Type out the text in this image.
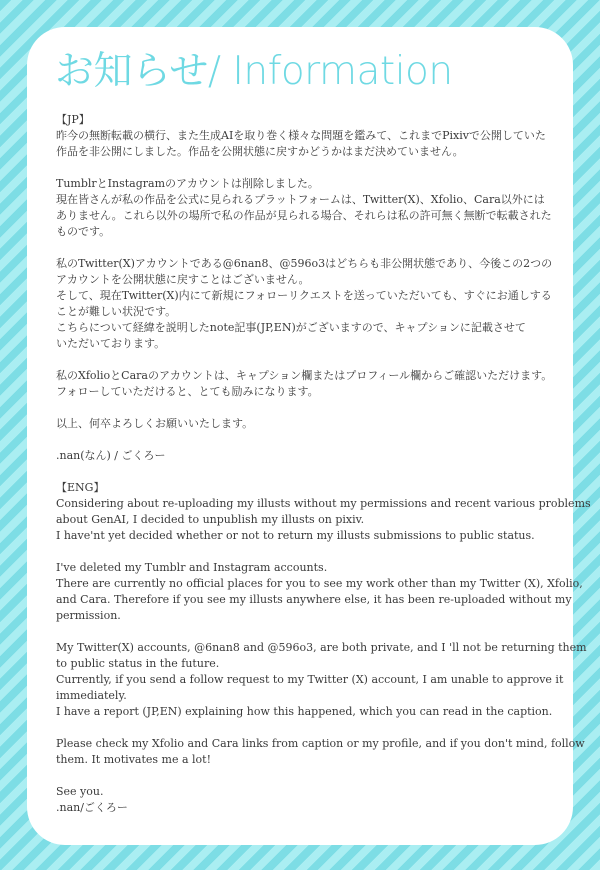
お知らせ/ Information

【JP】

昨今の無断転載の横行、また生成AIを取り巻く様々な問題を鑑みて、これまでPixivで公開していた
作品を非公開にしました。作品を公開状態に戻すかどうかはまだ決めていません。

TumblrとInstagramのアカウントは削除しました。
現在皆さんが私の作品を公式に見られるプラットフォームは、Twitter(X)、Xfolio、Cara以外には
ありません。これら以外の場所で私の作品が見られる場合、それらは私の許可無く無断で転載された
ものです。

私のTwitter(X)アカウントである@6nan8、@596o3はどちらも非公開状態であり、今後この2つの
アカウントを公開状態に戻すことはございません。
そして、現在Twitter(X)内にて新規にフォローリクエストを送っていただいても、すぐにお通しする
ことが難しい状況です。
こちらについて経緯を説明したnote記事(JP,EN)がございますので、キャプションに記載させて
いただいております。

私のXfolioとCaraのアカウントは、キャプション欄またはプロフィール欄からご確認いただけます。
フォローしていただけると、とても励みになります。

以上、何卒よろしくお願いいたします。

.nan(なん) / ごくろー

【ENG】

Considering about re-uploading my illusts without my permissions and recent various problems
about GenAI, I decided to unpublish my illusts on pixiv.
I have'nt yet decided whether or not to return my illusts submissions to public status.

I've deleted my Tumblr and Instagram accounts.
There are currently no official places for you to see my work other than my Twitter (X), Xfolio,
and Cara. Therefore if you see my illusts anywhere else, it has been re-uploaded without my
permission.

My Twitter(X) accounts, @6nan8 and @596o3, are both private, and I 'll not be returning them
to public status in the future.
Currently, if you send a follow request to my Twitter (X) account, I am unable to approve it
immediately.
I have a report (JP,EN) explaining how this happened, which you can read in the caption.

Please check my Xfolio and Cara links from caption or my profile, and if you don't mind, follow
them. It motivates me a lot!

See you.
.nan/ごくろー
